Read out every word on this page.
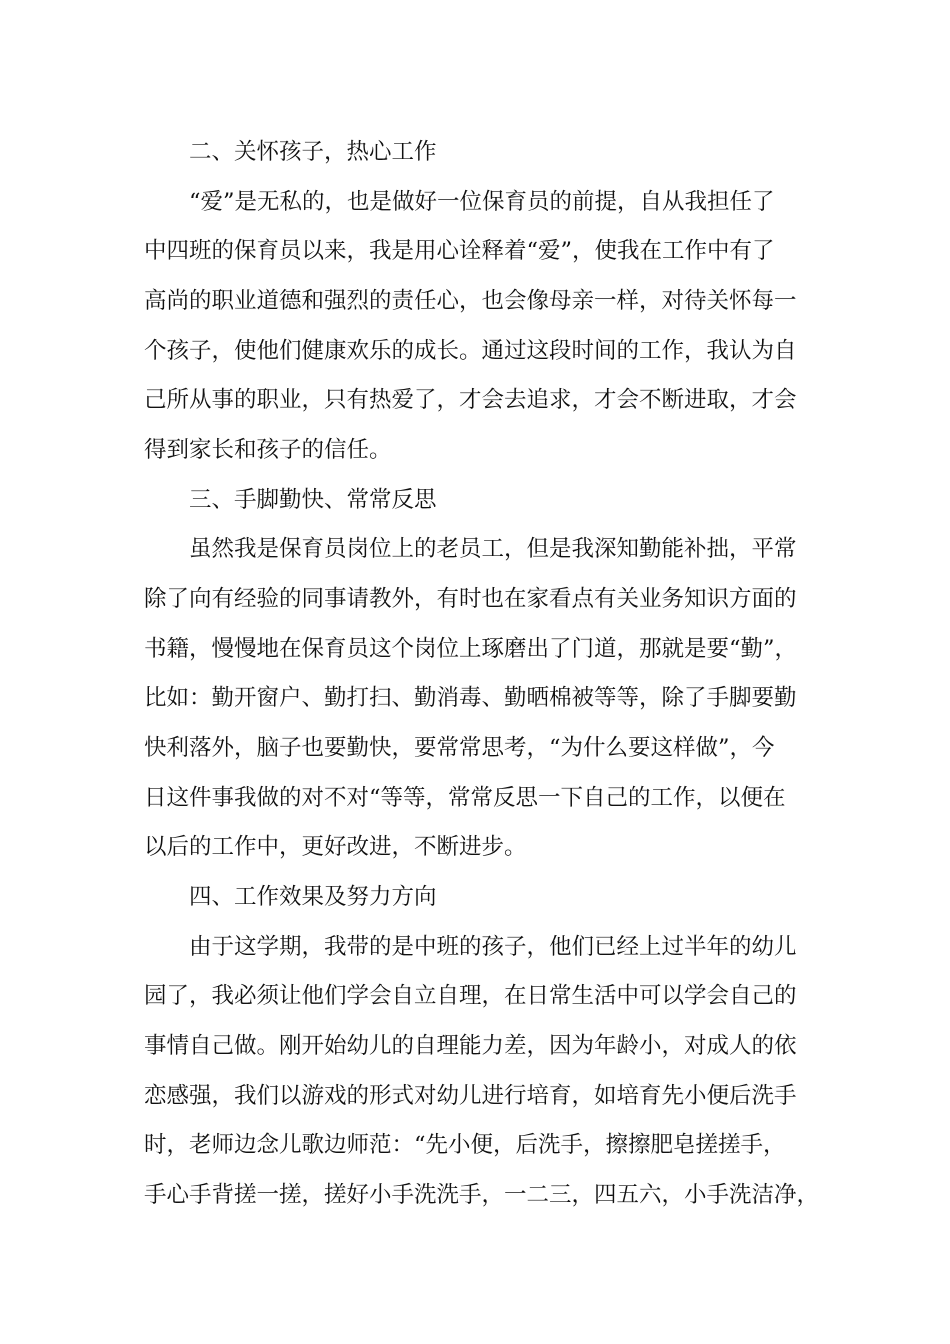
二、关怀孩子，热心工作
“爱”是无私的，也是做好一位保育员的前提，自从我担任了
中四班的保育员以来，我是用心诠释着“爱”，使我在工作中有了
高尚的职业道德和强烈的责任心，也会像母亲一样，对待关怀每一
个孩子，使他们健康欢乐的成长。通过这段时间的工作，我认为自
己所从事的职业，只有热爱了，才会去追求，才会不断进取，才会
得到家长和孩子的信任。
三、手脚勤快、常常反思
虽然我是保育员岗位上的老员工，但是我深知勤能补拙，平常
除了向有经验的同事请教外，有时也在家看点有关业务知识方面的
书籍，慢慢地在保育员这个岗位上琢磨出了门道，那就是要“勤”，
比如：勤开窗户、勤打扫、勤消毒、勤晒棉被等等，除了手脚要勤
快利落外，脑子也要勤快，要常常思考，“为什么要这样做”，今
日这件事我做的对不对“等等，常常反思一下自己的工作，以便在
以后的工作中，更好改进，不断进步。
四、工作效果及努力方向
由于这学期，我带的是中班的孩子，他们已经上过半年的幼儿
园了，我必须让他们学会自立自理，在日常生活中可以学会自己的
事情自己做。刚开始幼儿的自理能力差，因为年龄小，对成人的依
恋感强，我们以游戏的形式对幼儿进行培育，如培育先小便后洗手
时，老师边念儿歌边师范：“先小便，后洗手，擦擦肥皂搓搓手，
手心手背搓一搓，搓好小手洗洗手，一二三，四五六，小手洗洁净，
